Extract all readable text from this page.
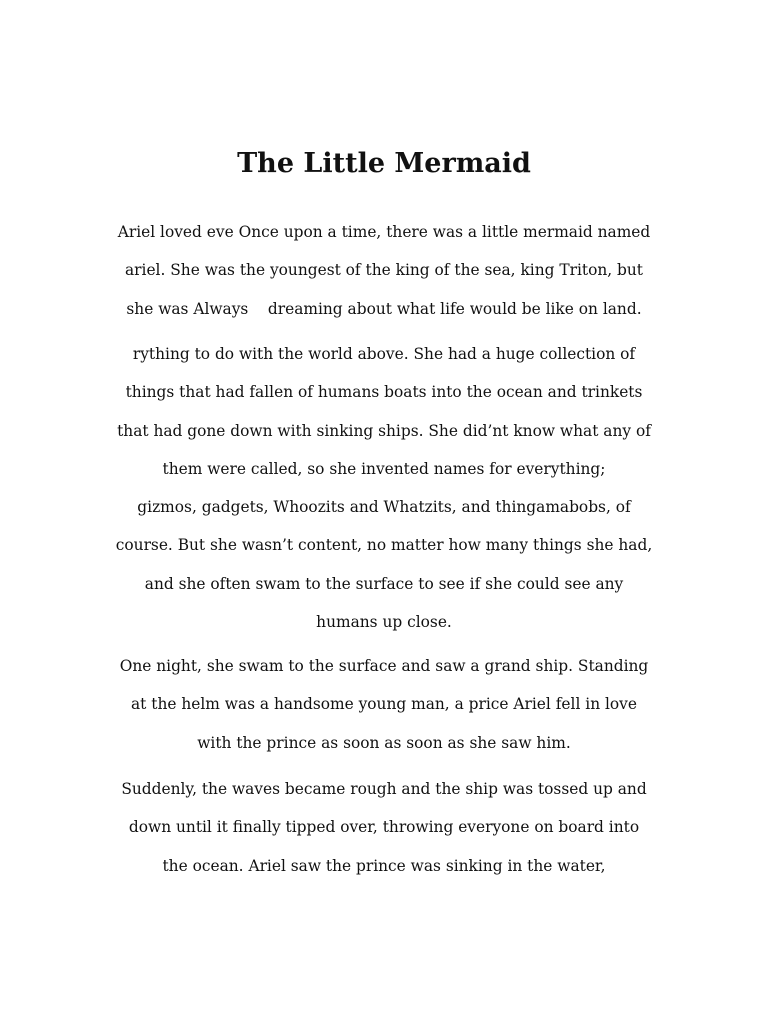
The Little Mermaid

Ariel loved eve Once upon a time, there was a little mermaid named
ariel. She was the youngest of the king of the sea, king Triton, but
she was Always    dreaming about what life would be like on land.

rything to do with the world above. She had a huge collection of
things that had fallen of humans boats into the ocean and trinkets
that had gone down with sinking ships. She did’nt know what any of
them were called, so she invented names for everything;
gizmos, gadgets, Whoozits and Whatzits, and thingamabobs, of
course. But she wasn’t content, no matter how many things she had,
and she often swam to the surface to see if she could see any
humans up close.

One night, she swam to the surface and saw a grand ship. Standing
at the helm was a handsome young man, a price Ariel fell in love
with the prince as soon as soon as she saw him.

Suddenly, the waves became rough and the ship was tossed up and
down until it finally tipped over, throwing everyone on board into
the ocean. Ariel saw the prince was sinking in the water,
